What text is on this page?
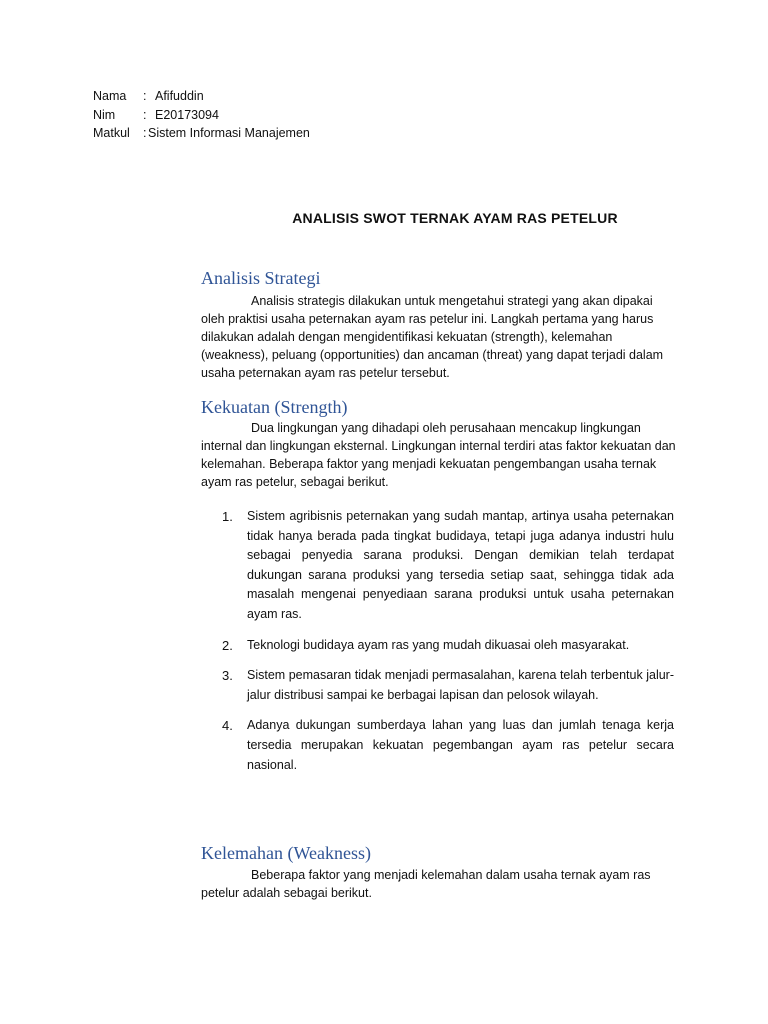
Nama	: Afifuddin
Nim	: E20173094
Matkul	: Sistem Informasi Manajemen
ANALISIS SWOT TERNAK AYAM RAS PETELUR
Analisis Strategi
Analisis strategis dilakukan untuk mengetahui strategi yang akan dipakai oleh praktisi usaha peternakan ayam ras petelur ini. Langkah pertama yang harus dilakukan adalah dengan mengidentifikasi kekuatan (strength), kelemahan (weakness), peluang (opportunities) dan ancaman (threat) yang dapat terjadi dalam usaha peternakan ayam ras petelur tersebut.
Kekuatan (Strength)
Dua lingkungan yang dihadapi oleh perusahaan mencakup lingkungan internal dan lingkungan eksternal. Lingkungan internal terdiri atas faktor kekuatan dan kelemahan. Beberapa faktor yang menjadi kekuatan pengembangan usaha ternak ayam ras petelur, sebagai berikut.
1.	Sistem agribisnis peternakan yang sudah mantap, artinya usaha peternakan tidak hanya berada pada tingkat budidaya, tetapi juga adanya industri hulu sebagai penyedia sarana produksi. Dengan demikian telah terdapat dukungan sarana produksi yang tersedia setiap saat, sehingga tidak ada masalah mengenai penyediaan sarana produksi untuk usaha peternakan ayam ras.
2.	Teknologi budidaya ayam ras yang mudah dikuasai oleh masyarakat.
3.	Sistem pemasaran tidak menjadi permasalahan, karena telah terbentuk jalur-jalur distribusi sampai ke berbagai lapisan dan pelosok wilayah.
4.	Adanya dukungan sumberdaya lahan yang luas dan jumlah tenaga kerja tersedia merupakan kekuatan pegembangan ayam ras petelur secara nasional.
Kelemahan (Weakness)
Beberapa faktor yang menjadi kelemahan dalam usaha ternak ayam ras petelur adalah sebagai berikut.
